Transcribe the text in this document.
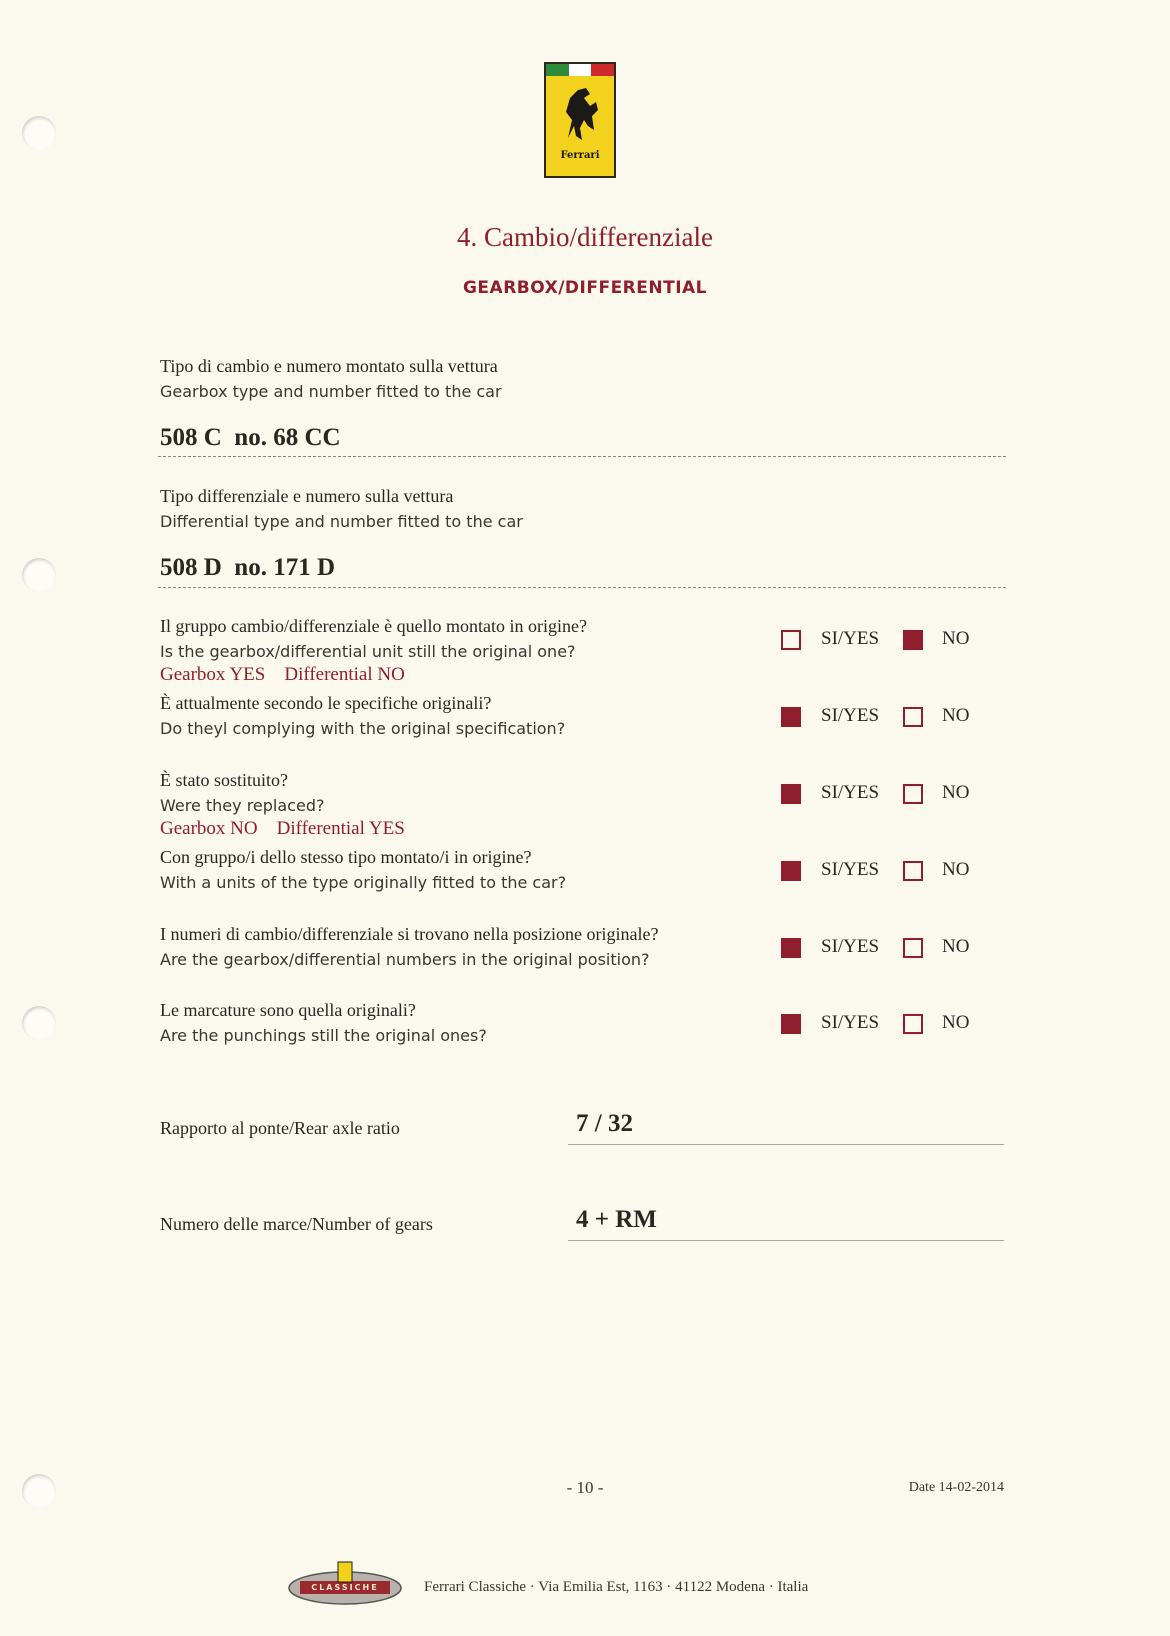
Ferrari
4. Cambio/differenziale
GEARBOX/DIFFERENTIAL
Tipo di cambio e numero montato sulla vettura
Gearbox type and number fitted to the car
508 C  no. 68 CC
Tipo differenziale e numero sulla vettura
Differential type and number fitted to the car
508 D  no. 171 D
Il gruppo cambio/differenziale è quello montato in origine?
Is the gearbox/differential unit still the original one?
Gearbox YES    Differential NO
SI/YES	NO
È attualmente secondo le specifiche originali?
Do theyl complying with the original specification?
SI/YES	NO
È stato sostituito?
Were they replaced?
Gearbox NO    Differential YES
SI/YES	NO
Con gruppo/i dello stesso tipo montato/i in origine?
With a units of the type originally fitted to the car?
SI/YES	NO
I numeri di cambio/differenziale si trovano nella posizione originale?
Are the gearbox/differential numbers in the original position?
SI/YES	NO
Le marcature sono quella originali?
Are the punchings still the original ones?
SI/YES	NO
Rapporto al ponte/Rear axle ratio	7 / 32
Numero delle marce/Number of gears	4 + RM
- 10 -	Date 14-02-2014
CLASSICHE	Ferrari Classiche · Via Emilia Est, 1163 · 41122 Modena · Italia
